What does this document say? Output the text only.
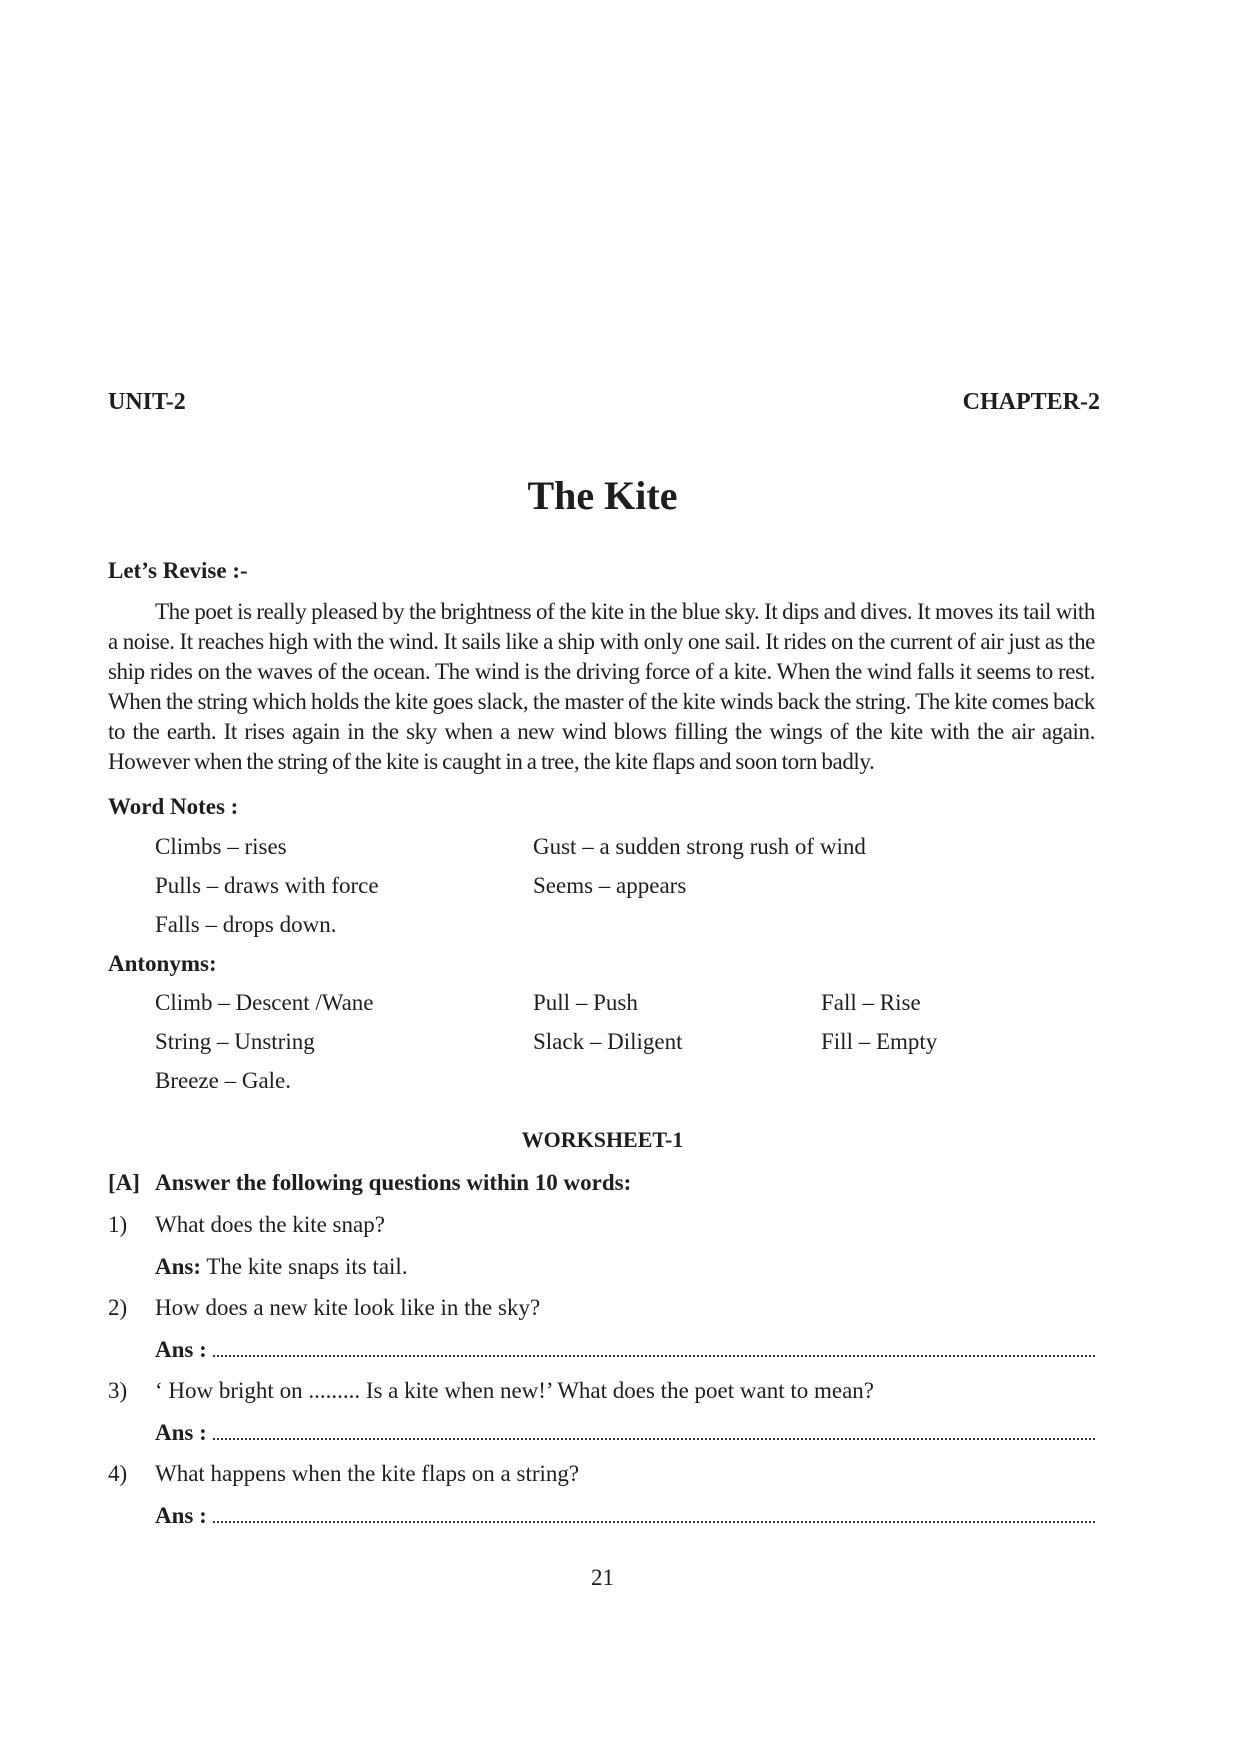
UNIT-2	CHAPTER-2
The Kite
Let’s Revise :-
The poet is really pleased by the brightness of the kite in the blue sky. It dips and dives. It moves its tail with a noise. It reaches high with the wind. It sails like a ship with only one sail. It rides on the current of air just as the ship rides on the waves of the ocean. The wind is the driving force of a kite. When the wind falls it seems to rest. When the string which holds the kite goes slack, the master of the kite winds back the string. The kite comes back to the earth. It rises again in the sky when a new wind blows filling the wings of the kite with the air again. However when the string of the kite is caught in a tree, the kite flaps and soon torn badly.
Word Notes :
Climbs – rises	Gust – a sudden strong rush of wind
Pulls – draws with force	Seems – appears
Falls – drops down.
Antonyms:
Climb – Descent /Wane	Pull – Push	Fall – Rise
String – Unstring	Slack – Diligent	Fill – Empty
Breeze – Gale.
WORKSHEET-1
[A] Answer the following questions within 10 words:
1) What does the kite snap?
Ans: The kite snaps its tail.
2) How does a new kite look like in the sky?
Ans :
3) ‘ How bright on ......... Is a kite when new!’ What does the poet want to mean?
Ans :
4) What happens when the kite flaps on a string?
Ans :
21
